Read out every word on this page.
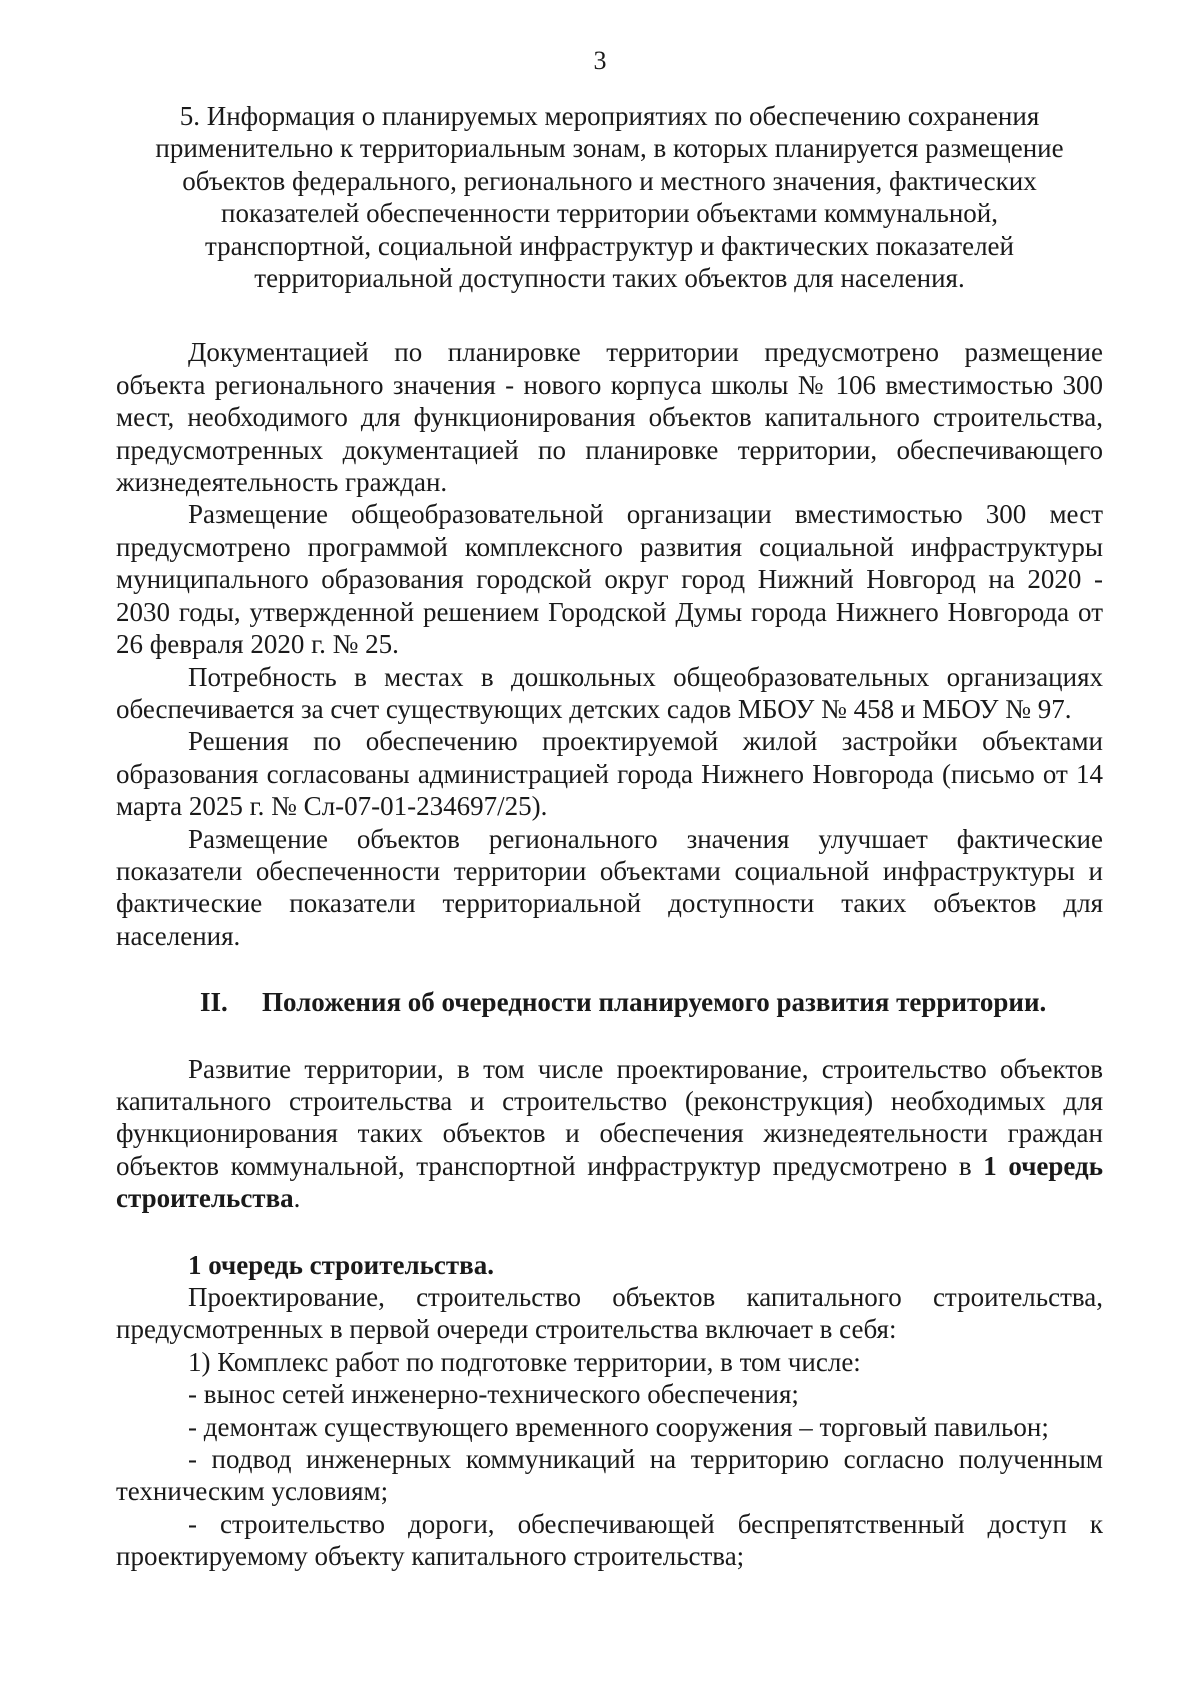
3
5. Информация о планируемых мероприятиях по обеспечению сохранения
применительно к территориальным зонам, в которых планируется размещение
объектов федерального, регионального и местного значения, фактических
показателей обеспеченности территории объектами коммунальной,
транспортной, социальной инфраструктур и фактических показателей
территориальной доступности таких объектов для населения.

Документацией по планировке территории предусмотрено размещение объекта регионального значения - нового корпуса школы № 106 вместимостью 300 мест, необходимого для функционирования объектов капитального строительства, предусмотренных документацией по планировке территории, обеспечивающего жизнедеятельность граждан.

Размещение общеобразовательной организации вместимостью 300 мест предусмотрено программой комплексного развития социальной инфраструктуры муниципального образования городской округ город Нижний Новгород на 2020 - 2030 годы, утвержденной решением Городской Думы города Нижнего Новгорода от 26 февраля 2020 г. № 25.

Потребность в местах в дошкольных общеобразовательных организациях обеспечивается за счет существующих детских садов МБОУ № 458 и МБОУ № 97.

Решения по обеспечению проектируемой жилой застройки объектами образования согласованы администрацией города Нижнего Новгорода (письмо от 14 марта 2025 г. № Сл-07-01-234697/25).

Размещение объектов регионального значения улучшает фактические показатели обеспеченности территории объектами социальной инфраструктуры и фактические показатели территориальной доступности таких объектов для населения.

II.	Положения об очередности планируемого развития территории.

Развитие территории, в том числе проектирование, строительство объектов капитального строительства и строительство (реконструкция) необходимых для функционирования таких объектов и обеспечения жизнедеятельности граждан объектов коммунальной, транспортной инфраструктур предусмотрено в 1 очередь строительства.

1 очередь строительства.

Проектирование, строительство объектов капитального строительства, предусмотренных в первой очереди строительства включает в себя:

1) Комплекс работ по подготовке территории, в том числе:

- вынос сетей инженерно-технического обеспечения;

- демонтаж существующего временного сооружения – торговый павильон;

- подвод инженерных коммуникаций на территорию согласно полученным техническим условиям;

- строительство дороги, обеспечивающей беспрепятственный доступ к проектируемому объекту капитального строительства;
